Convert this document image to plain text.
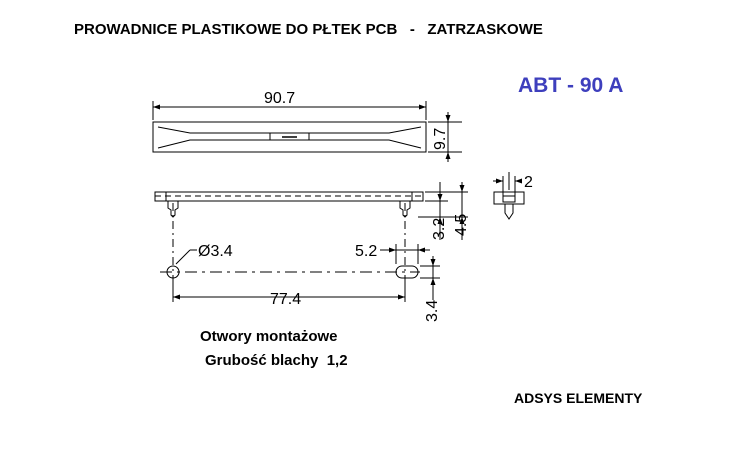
PROWADNICE PLASTIKOWE DO PŁTEK PCB   -   ZATRZASKOWE
ABT - 90 A
Otwory montażowe
Grubość blachy  1,2
ADSYS ELEMENTY
90.7
9.7
3.2 4.5
2
Ø3.4	5.2
77.4
3.4
